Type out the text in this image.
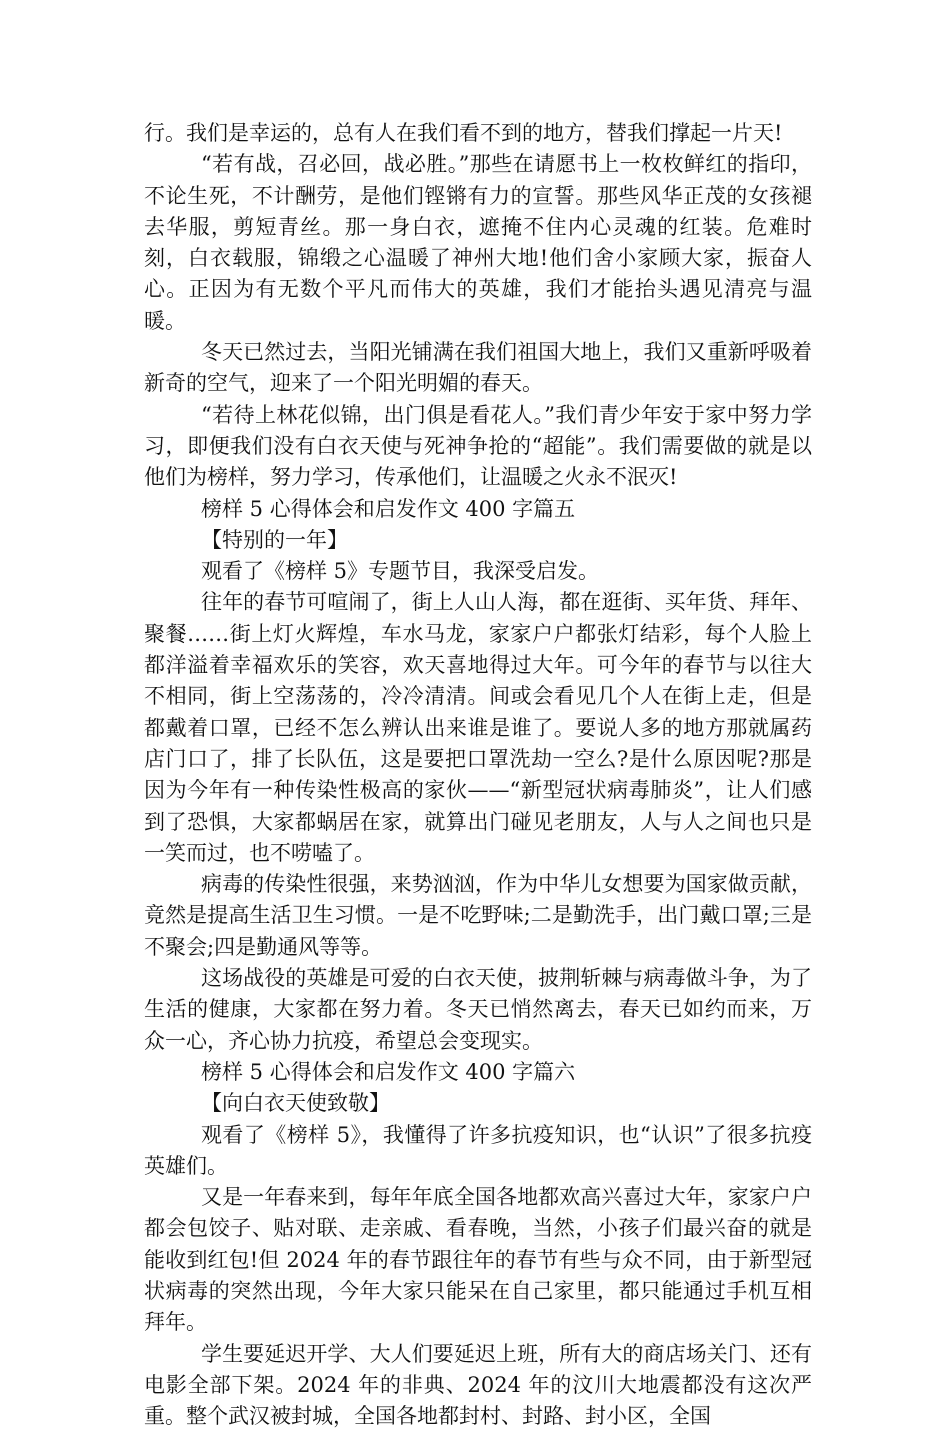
行。我们是幸运的，总有人在我们看不到的地方，替我们撑起一片天!

“若有战，召必回，战必胜。”那些在请愿书上一枚枚鲜红的指印，不论生死，不计酬劳，是他们铿锵有力的宣誓。那些风华正茂的女孩褪去华服，剪短青丝。那一身白衣，遮掩不住内心灵魂的红装。危难时刻，白衣载服，锦缎之心温暖了神州大地!他们舍小家顾大家，振奋人心。正因为有无数个平凡而伟大的英雄，我们才能抬头遇见清亮与温暖。

冬天已然过去，当阳光铺满在我们祖国大地上，我们又重新呼吸着新奇的空气，迎来了一个阳光明媚的春天。

“若待上林花似锦，出门俱是看花人。”我们青少年安于家中努力学习，即便我们没有白衣天使与死神争抢的“超能”。我们需要做的就是以他们为榜样，努力学习，传承他们，让温暖之火永不泯灭!

榜样 5 心得体会和启发作文 400 字篇五

【特别的一年】

观看了《榜样 5》专题节目，我深受启发。

往年的春节可喧闹了，街上人山人海，都在逛街、买年货、拜年、聚餐……街上灯火辉煌，车水马龙，家家户户都张灯结彩，每个人脸上都洋溢着幸福欢乐的笑容，欢天喜地得过大年。可今年的春节与以往大不相同，街上空荡荡的，冷冷清清。间或会看见几个人在街上走，但是都戴着口罩，已经不怎么辨认出来谁是谁了。要说人多的地方那就属药店门口了，排了长队伍，这是要把口罩洗劫一空么?是什么原因呢?那是因为今年有一种传染性极高的家伙——“新型冠状病毒肺炎”，让人们感到了恐惧，大家都蜗居在家，就算出门碰见老朋友，人与人之间也只是一笑而过，也不唠嗑了。

病毒的传染性很强，来势汹汹，作为中华儿女想要为国家做贡献，竟然是提高生活卫生习惯。一是不吃野味;二是勤洗手，出门戴口罩;三是不聚会;四是勤通风等等。

这场战役的英雄是可爱的白衣天使，披荆斩棘与病毒做斗争，为了生活的健康，大家都在努力着。冬天已悄然离去，春天已如约而来，万众一心，齐心协力抗疫，希望总会变现实。

榜样 5 心得体会和启发作文 400 字篇六

【向白衣天使致敬】

观看了《榜样 5》，我懂得了许多抗疫知识，也“认识”了很多抗疫英雄们。

又是一年春来到，每年年底全国各地都欢高兴喜过大年，家家户户都会包饺子、贴对联、走亲戚、看春晚，当然，小孩子们最兴奋的就是能收到红包!但 2024 年的春节跟往年的春节有些与众不同，由于新型冠状病毒的突然出现，今年大家只能呆在自己家里，都只能通过手机互相拜年。

学生要延迟开学、大人们要延迟上班，所有大的商店场关门、还有电影全部下架。2024 年的非典、2024 年的汶川大地震都没有这次严重。整个武汉被封城，全国各地都封村、封路、封小区，全国
